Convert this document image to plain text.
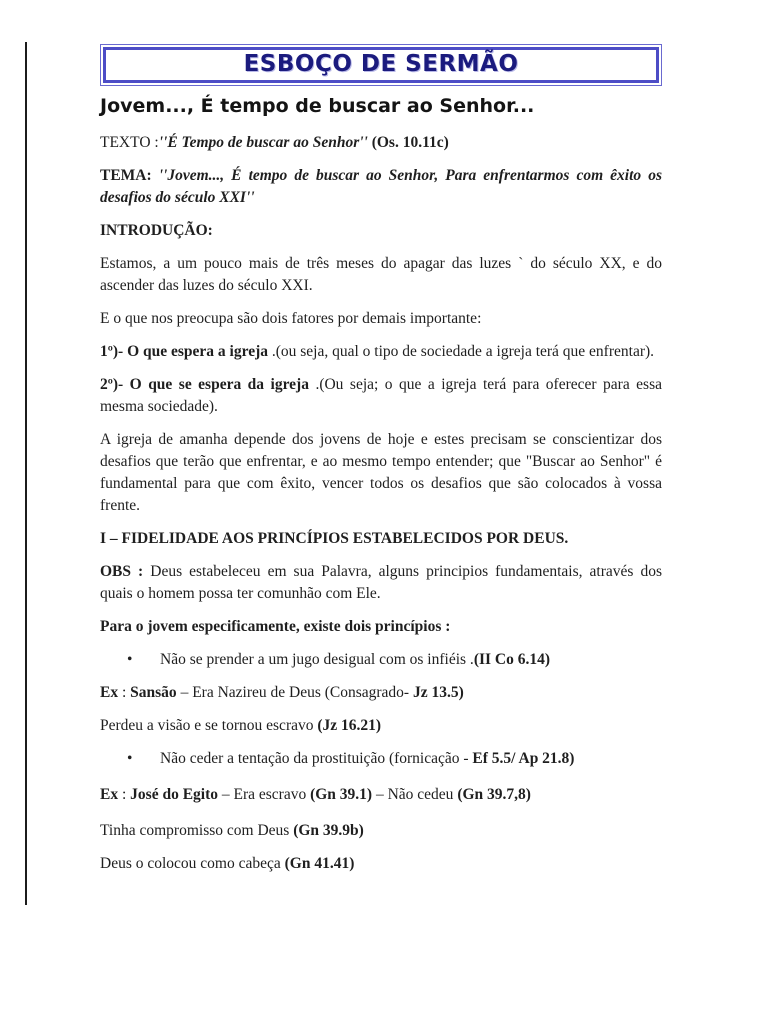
ESBOÇO DE SERMÃO
Jovem..., É tempo de buscar ao Senhor...

TEXTO :''É Tempo de buscar ao Senhor'' (Os. 10.11c)

TEMA: ''Jovem..., É tempo de buscar ao Senhor, Para enfrentarmos com êxito os desafios do século XXI''

INTRODUÇÃO:

Estamos, a um pouco mais de três meses do apagar das luzes ` do século XX, e do ascender das luzes do século XXI.

E o que nos preocupa são dois fatores por demais importante:

1º)- O que espera a igreja .(ou seja, qual o tipo de sociedade a igreja terá que enfrentar).

2º)- O que se espera da igreja .(Ou seja; o que a igreja terá para oferecer para essa mesma sociedade).

A igreja de amanha depende dos jovens de hoje e estes precisam se conscientizar dos desafios que terão que enfrentar, e ao mesmo tempo entender; que "Buscar ao Senhor" é fundamental para que com êxito, vencer todos os desafios que são colocados à vossa frente.

I – FIDELIDADE AOS PRINCÍPIOS ESTABELECIDOS POR DEUS.

OBS : Deus estabeleceu em sua Palavra, alguns principios fundamentais, através dos quais o homem possa ter comunhão com Ele.

Para o jovem especificamente, existe dois princípios :

• Não se prender a um jugo desigual com os infiéis .(II Co 6.14)

Ex : Sansão – Era Nazireu de Deus (Consagrado- Jz 13.5)

Perdeu a visão e se tornou escravo (Jz 16.21)

• Não ceder a tentação da prostituição (fornicação - Ef 5.5/ Ap 21.8)

Ex : José do Egito – Era escravo (Gn 39.1) – Não cedeu (Gn 39.7,8)

Tinha compromisso com Deus (Gn 39.9b)

Deus o colocou como cabeça (Gn 41.41)
